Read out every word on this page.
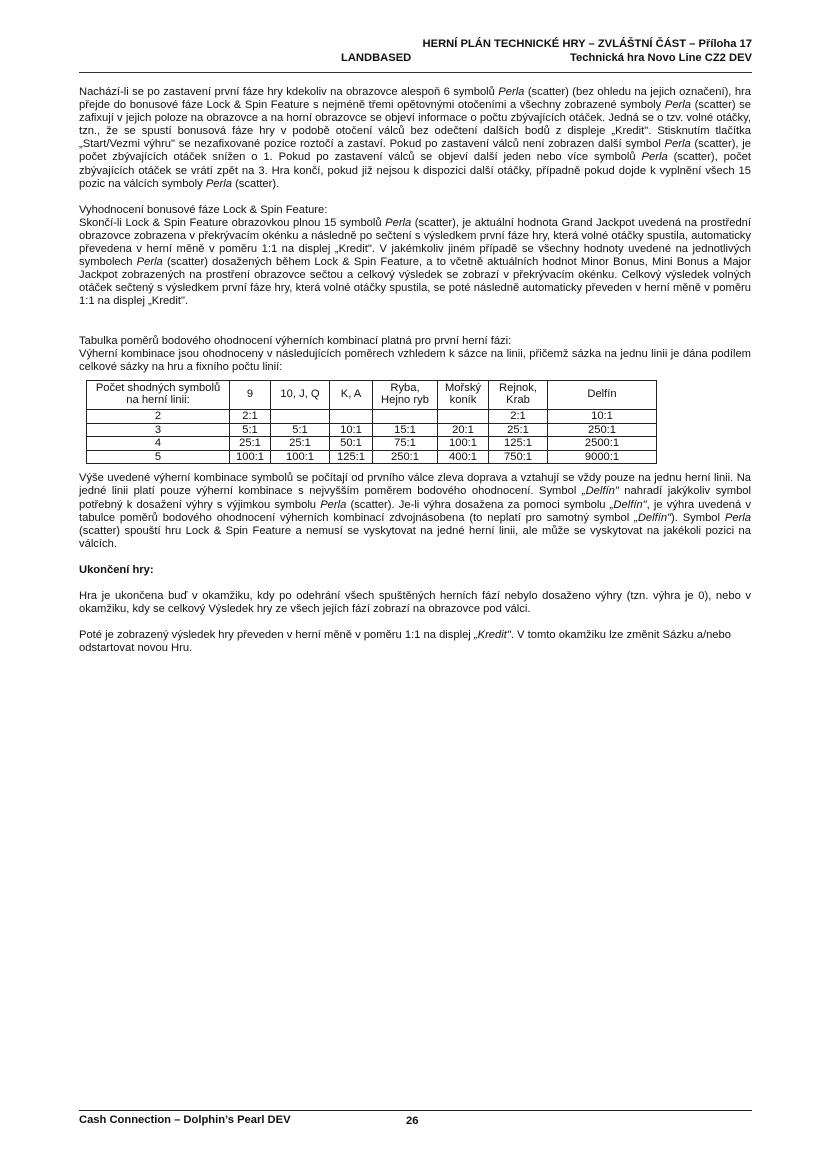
HERNÍ PLÁN TECHNICKÉ HRY – ZVLÁŠTNÍ ČÁST – Příloha 17
LANDBASED	Technická hra Novo Line CZ2 DEV

Nachází-li se po zastavení první fáze hry kdekoliv na obrazovce alespoň 6 symbolů Perla (scatter) (bez ohledu na jejich označení), hra přejde do bonusové fáze Lock & Spin Feature s nejméně třemi opětovnými otočeními a všechny zobrazené symboly Perla (scatter) se zafixují v jejich poloze na obrazovce a na horní obrazovce se objeví informace o počtu zbývajících otáček. Jedná se o tzv. volné otáčky, tzn., že se spustí bonusová fáze hry v podobě otočení válců bez odečtení dalších bodů z displeje „Kredit". Stisknutím tlačítka „Start/Vezmi výhru" se nezafixované pozice roztočí a zastaví. Pokud po zastavení válců není zobrazen další symbol Perla (scatter), je počet zbývajících otáček snížen o 1. Pokud po zastavení válců se objeví další jeden nebo více symbolů Perla (scatter), počet zbývajících otáček se vrátí zpět na 3. Hra končí, pokud již nejsou k dispozici další otáčky, případně pokud dojde k vyplnění všech 15 pozic na válcích symboly Perla (scatter).

Vyhodnocení bonusové fáze Lock & Spin Feature:

Skončí-li Lock & Spin Feature obrazovkou plnou 15 symbolů Perla (scatter), je aktuální hodnota Grand Jackpot uvedená na prostřední obrazovce zobrazena v překrývacím okénku a následně po sečtení s výsledkem první fáze hry, která volné otáčky spustila, automaticky převedena v herní měně v poměru 1:1 na displej „Kredit". V jakémkoliv jiném případě se všechny hodnoty uvedené na jednotlivých symbolech Perla (scatter) dosažených během Lock & Spin Feature, a to včetně aktuálních hodnot Minor Bonus, Mini Bonus a Major Jackpot zobrazených na prostření obrazovce sečtou a celkový výsledek se zobrazí v překrývacím okénku. Celkový výsledek volných otáček sečtený s výsledkem první fáze hry, která volné otáčky spustila, se poté následně automaticky převeden v herní měně v poměru 1:1 na displej „Kredit".

Tabulka poměrů bodového ohodnocení výherních kombinací platná pro první herní fázi:

Výherní kombinace jsou ohodnoceny v následujících poměrech vzhledem k sázce na linii, přičemž sázka na jednu linii je dána podílem celkové sázky na hru a fixního počtu linií:

Počet shodných symbolů na herní linii:	9	10, J, Q	K, A	Ryba, Hejno ryb	Mořský koník	Rejnok, Krab	Delfín
2	2:1					2:1	10:1
3	5:1	5:1	10:1	15:1	20:1	25:1	250:1
4	25:1	25:1	50:1	75:1	100:1	125:1	2500:1
5	100:1	100:1	125:1	250:1	400:1	750:1	9000:1

Výše uvedené výherní kombinace symbolů se počítají od prvního válce zleva doprava a vztahují se vždy pouze na jednu herní linii. Na jedné linii platí pouze výherní kombinace s nejvyšším poměrem bodového ohodnocení. Symbol „Delfín" nahradí jakýkoliv symbol potřebný k dosažení výhry s výjimkou symbolu Perla (scatter). Je-li výhra dosažena za pomoci symbolu „Delfín", je výhra uvedená v tabulce poměrů bodového ohodnocení výherních kombinací zdvojnásobena (to neplatí pro samotný symbol „Delfín"). Symbol Perla (scatter) spouští hru Lock & Spin Feature a nemusí se vyskytovat na jedné herní linii, ale může se vyskytovat na jakékoli pozici na válcích.

Ukončení hry:

Hra je ukončena buď v okamžiku, kdy po odehrání všech spuštěných herních fází nebylo dosaženo výhry (tzn. výhra je 0), nebo v okamžiku, kdy se celkový Výsledek hry ze všech jejích fází zobrazí na obrazovce pod válci.

Poté je zobrazený výsledek hry převeden v herní měně v poměru 1:1 na displej „Kredit". V tomto okamžiku lze změnit Sázku a/nebo odstartovat novou Hru.

Cash Connection – Dolphin’s Pearl DEV	26
